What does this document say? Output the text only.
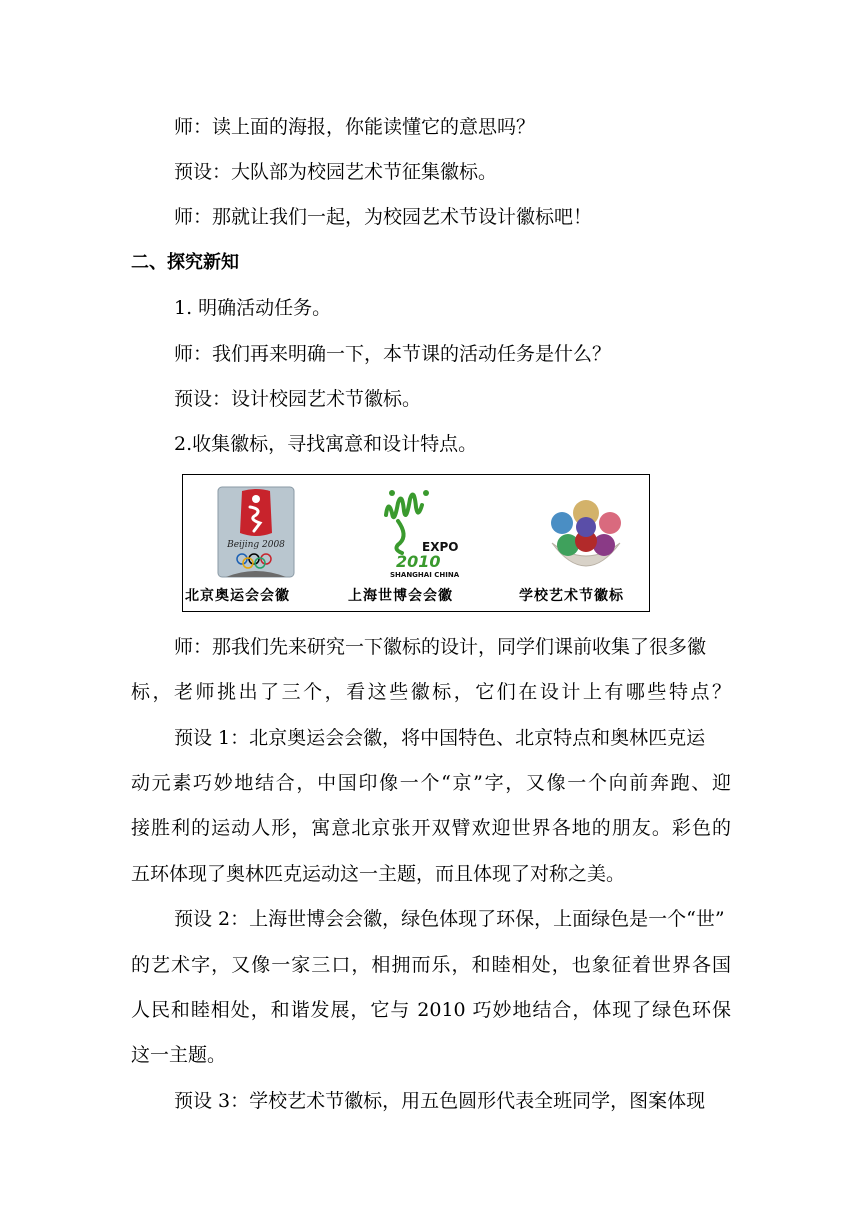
师：读上面的海报，你能读懂它的意思吗？
预设：大队部为校园艺术节征集徽标。
师：那就让我们一起，为校园艺术节设计徽标吧！
二、探究新知
1. 明确活动任务。
师：我们再来明确一下，本节课的活动任务是什么？
预设：设计校园艺术节徽标。
2.收集徽标，寻找寓意和设计特点。
Beijing 2008
北京奥运会会徽
EXPO
2010
SHANGHAI CHINA
上海世博会会徽	学校艺术节徽标
师：那我们先来研究一下徽标的设计，同学们课前收集了很多徽
标，老师挑出了三个，看这些徽标，它们在设计上有哪些特点？
预设 1：北京奥运会会徽，将中国特色、北京特点和奥林匹克运
动元素巧妙地结合，中国印像一个“京”字，又像一个向前奔跑、迎
接胜利的运动人形，寓意北京张开双臂欢迎世界各地的朋友。彩色的
五环体现了奥林匹克运动这一主题，而且体现了对称之美。
预设 2：上海世博会会徽，绿色体现了环保，上面绿色是一个“世”
的艺术字，又像一家三口，相拥而乐，和睦相处，也象征着世界各国
人民和睦相处，和谐发展，它与 2010 巧妙地结合，体现了绿色环保
这一主题。
预设 3：学校艺术节徽标，用五色圆形代表全班同学，图案体现
